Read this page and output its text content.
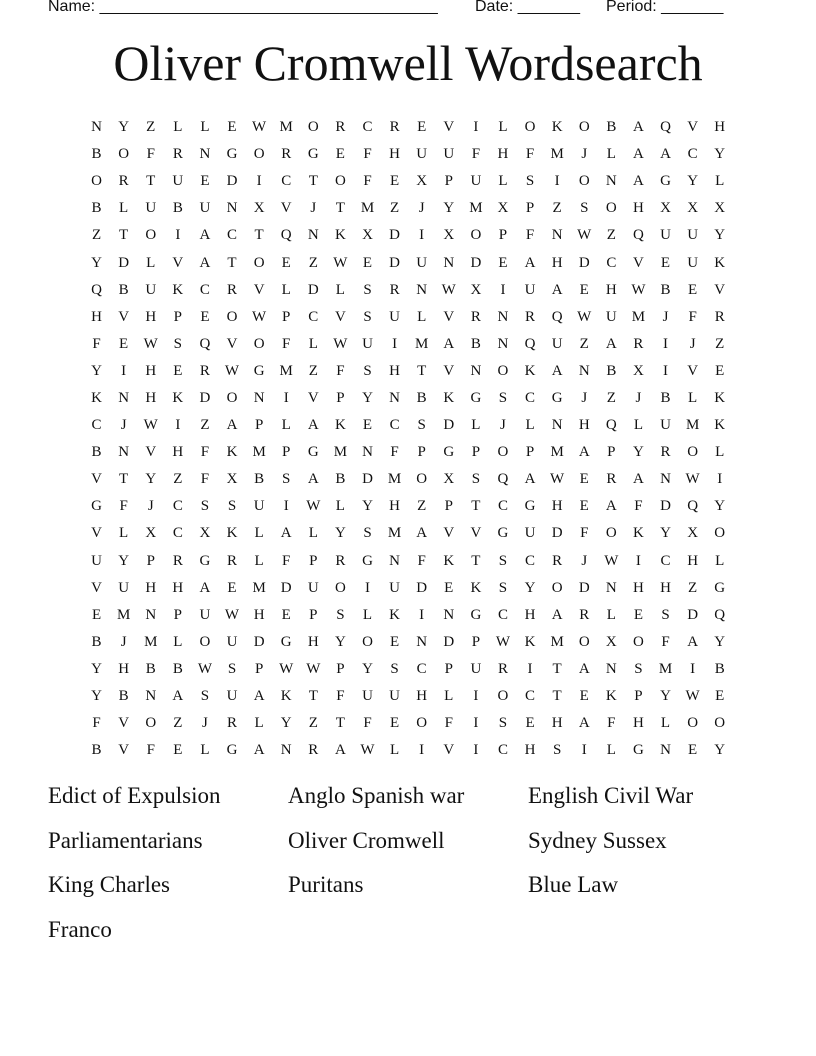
Name: ______________________________________ Date: _______ Period: _______
Oliver Cromwell Wordsearch
N	Y	Z	L	L	E	W M	O	R	C	R	E	V	I	L	O	K	O	B	A	Q	V	H
B	O	F	R	N	G	O	R	G	E	F	H	U	U	F	H	F	M	J	L	A	A	C	Y
O	R	T	U	E	D	I	C	T	O	F	E	X	P	U	L	S	I	O	N	A	G	Y	L
B	L	U	B	U	N	X	V	J	T	M	Z	J	Y	M	X	P	Z	S	O	H	X	X	X
Z	T	O	I	A	C	T	Q	N	K	X	D	I	X	O	P	F	N W	Z	Q	U	U	Y
Y	D	L	V	A	T	O	E	Z	W	E	D	U	N	D	E	A	H	D	C	V	E	U	K
Q	B	U	K	C	R	V	L	D	L	S	R	N W X	I	U	A	E	H W	B	E	V
H	V	H	P	E	O W	P	C	V	S	U	L	V	R	N	R	Q W U	M	J	F	R
F	E	W	S	Q	V	O	F	L	W U	I	M	A	B	N	Q	U	Z	A	R	I	J	Z
Y	I	H	E	R	W G	M	Z	F	S	H	T	V	N	O	K	A	N	B	X	I	V	E
K	N	H	K	D	O	N	I	V	P	Y	N	B	K	G	S	C	G	J	Z	J	B	L	K
C	J	W	I	Z	A	P	L	A	K	E	C	S	D	L	J	L	N	H	Q	L	U	M	K
B	N	V	H	F	K	M	P	G	M	N	F	P	G	P	O	P	M	A	P	Y	R	O	L
V	T	Y	Z	F	X	B	S	A	B	D	M	O	X	S	Q	A W	E	R	A	N W	I
G	F	J	C	S	S	U	I	W	L	Y	H	Z	P	T	C	G	H	E	A	F	D	Q	Y
V	L	X	C	X	K	L	A	L	Y	S	M	A	V	V	G	U	D	F	O	K	Y	X	O
U	Y	P	R	G	R	L	F	P	R	G	N	F	K	T	S	C	R	J	W	I	C	H	L
V	U	H	H	A	E	M	D	U	O	I	U	D	E	K	S	Y	O	D	N	H	H	Z	G
E	M	N	P	U W H	E	P	S	L	K	I	N	G	C	H	A	R	L	E	S	D	Q
B	J	M	L	O	U	D	G	H	Y	O	E	N	D	P	W K	M	O	X	O	F	A	Y
Y	H	B	B	W	S	P	W W	P	Y	S	C	P	U	R	I	T	A	N	S	M	I	B
Y	B	N	A	S	U	A	K	T	F	U	U	H	L	I	O	C	T	E	K	P	Y W	E
F	V	O	Z	J	R	L	Y	Z	T	F	E	O	F	I	S	E	H	A	F	H	L	O	O
B	V	F	E	L	G	A	N	R	A W	L	I	V	I	C	H	S	I	L	G	N	E	Y
Edict of Expulsion	Anglo Spanish war	English Civil War
Parliamentarians	Oliver Cromwell	Sydney Sussex
King Charles	Puritans	Blue Law
Franco
